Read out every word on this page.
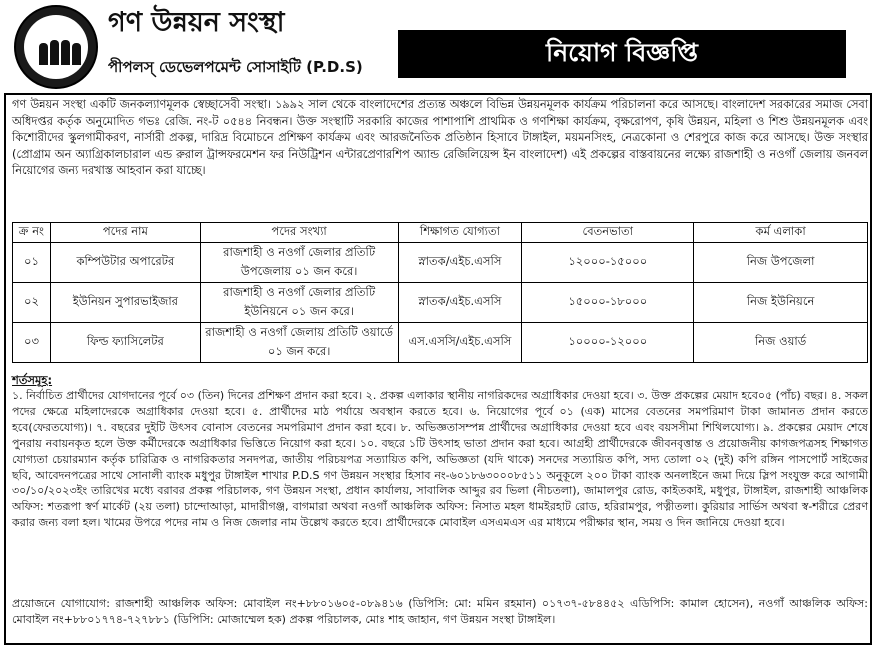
গণ উন্নয়ন সংস্থা
পীপলস্ ডেভেলপমেন্ট সোসাইটি (P.D.S)
নিয়োগ বিজ্ঞপ্তি
গণ উন্নয়ন সংস্থা একটি জনকল্যাণমূলক স্বেচ্ছাসেবী সংস্থা। ১৯৯২ সাল থেকে বাংলাদেশের প্রত্যন্ত অঞ্চলে বিভিন্ন উন্নয়নমূলক কার্যক্রম পরিচালনা করে আসছে। বাংলাদেশ সরকারের সমাজ সেবা অধিদপ্তর কর্তৃক অনুমোদিত গভঃ রেজি. নং-ট ০৫৪৪ নিবন্ধন। উক্ত সংস্থাটি সরকারি কাজের পাশাপাশি প্রাথমিক ও গণশিক্ষা কার্যক্রম, বৃক্ষরোপণ, কৃষি উন্নয়ন, মহিলা ও শিশু উন্নয়নমূলক এবং কিশোরীদের স্কুলগামীকরণ, নার্সারী প্রকল্প, দারিদ্র বিমোচনে প্রশিক্ষণ কার্যক্রম এবং আরজনৈতিক প্রতিষ্ঠান হিসাবে টাঙ্গাইল, ময়মনসিংহ, নেত্রকোনা ও শেরপুরে কাজ করে আসছে। উক্ত সংস্থার (প্রোগ্রাম অন অ্যাগ্রিকালচারাল এন্ড রুরাল ট্রান্সফরমেশন ফর নিউট্রিশন এন্টারপ্রেণারশিপ অ্যান্ড রেজিলিয়েন্স ইন বাংলাদেশ) এই প্রকল্পের বাস্তবায়নের লক্ষ্যে রাজশাহী ও নওগাঁ জেলায় জনবল নিয়োগের জন্য দরখাস্ত আহবান করা যাচ্ছে।
ক্র নং	পদের নাম	পদের সংখ্যা	শিক্ষাগত যোগ্যতা	বেতনভাতা	কর্ম এলাকা
০১	কম্পিউটার অপারেটর	রাজশাহী ও নওগাঁ জেলার প্রতিটি উপজেলায় ০১ জন করে।	স্নাতক/এইচ.এসসি	১২০০০-১৫০০০	নিজ উপজেলা
০২	ইউনিয়ন সুপারভাইজার	রাজশাহী ও নওগাঁ জেলার প্রতিটি ইউনিয়নে ০১ জন করে।	স্নাতক/এইচ.এসসি	১৫০০০-১৮০০০	নিজ ইউনিয়নে
০৩	ফিল্ড ফ্যাসিলেটর	রাজশাহী ও নওগাঁ জেলায় প্রতিটি ওয়ার্ডে ০১ জন করে।	এস.এসসি/এইচ.এসসি	১০০০০-১২০০০	নিজ ওয়ার্ড
শর্তসমূহ:
১. নির্বাচিত প্রার্থীদের যোগদানের পূর্বে ০৩ (তিন) দিনের প্রশিক্ষণ প্রদান করা হবে। ২. প্রকল্প এলাকার স্থানীয় নাগরিকদের অগ্রাধিকার দেওয়া হবে। ৩. উক্ত প্রকল্পের মেয়াদ হবে০৫ (পাঁচ) বছর। ৪. সকল পদের ক্ষেত্রে মহিলাদেরকে অগ্রাধিকার দেওয়া হবে। ৫. প্রার্থীদের মাঠ পর্যায়ে অবস্থান করতে হবে। ৬. নিয়োগের পূর্বে ০১ (এক) মাসের বেতনের সমপরিমাণ টাকা জামানত প্রদান করতে হবে(ফেরতযোগ্য)। ৭. বছরের দুইটি উৎসব বোনাস বেতনের সমপরিমাণ প্রদান করা হবে। ৮. অভিজ্ঞতাসম্পন্ন প্রার্থীদের অগ্রাধিকার দেওয়া হবে এবং বয়সসীমা শিথিলযোগ্য। ৯. প্রকল্পের মেয়াদ শেষে পুনরায় নবায়নকৃত হলে উক্ত কর্মীদেরকে অগ্রাধিকার ভিত্তিতে নিয়োগ করা হবে। ১০. বছরে ১টি উৎসাহ ভাতা প্রদান করা হবে। আগ্রহী প্রার্থীদেরকে জীবনবৃত্তান্ত ও প্রয়োজনীয় কাগজপত্রসহ শিক্ষাগত যোগ্যতা চেয়ারম্যান কর্তৃক চারিত্রিক ও নাগরিকতার সনদপত্র, জাতীয় পরিচয়পত্র সত্যায়িত কপি, অভিজ্ঞতা (যদি থাকে) সনদের সত্যায়িত কপি, সদ্য তোলা ০২ (দুই) কপি রঙ্গিন পাসপোর্ট সাইজের ছবি, আবেদনপত্রের সাথে সোনালী ব্যাংক মধুপুর টাঙ্গাইল শাখার P.D.S গণ উন্নয়ন সংস্থার হিসাব নং-৬০১৮৬৩০০০৮৫১১ অনুকূলে ২০০ টাকা ব্যাংক অনলাইনে জমা দিয়ে স্লিপ সংযুক্ত করে আগামী ৩০/১০/২০২৩ইং তারিখের মধ্যে বরাবর প্রকল্প পরিচালক, গণ উন্নয়ন সংস্থা, প্রধান কার্যালয়, সাবালিক আব্দুর রব ভিলা (নীচতলা), জামালপুর রোড, কাইতকাই, মধুপুর, টাঙ্গাইল, রাজশাহী আঞ্চলিক অফিস: শতরূপা স্বর্ণ মার্কেট (২য় তলা) চান্দোআড়া, মাদারীগঞ্জ, বাগমারা অথবা নওগাঁ আঞ্চলিক অফিস: নিসাত মহল ধামইরহাট রোড, হরিরামপুর, পত্নীতলা। কুরিয়ার সার্ভিস অথবা স্ব-শরীরে প্রেরণ করার জন্য বলা হল। খামের উপরে পদের নাম ও নিজ জেলার নাম উল্লেখ করতে হবে। প্রার্থীদেরকে মোবাইল এসএমএস এর মাধ্যমে পরীক্ষার স্থান, সময় ও দিন জানিয়ে দেওয়া হবে।
প্রয়োজনে যোগাযোগ: রাজশাহী আঞ্চলিক অফিস: মোবাইল নং+৮৮০১৬০৫-০৮৯৪১৬ (ডিপিসি: মো: মমিন রহমান) ০১৭৩৭-৫৮৪৪৫২ এডিপিসি: কামাল হোসেন), নওগাঁ আঞ্চলিক অফিস: মোবাইল নং+৮৮০১৭৭৪-৭২৭৮৮১ (ডিপিসি: মোজাম্মেল হক) প্রকল্প পরিচালক, মোঃ শাহ জাহান, গণ উন্নয়ন সংস্থা টাঙ্গাইল।
